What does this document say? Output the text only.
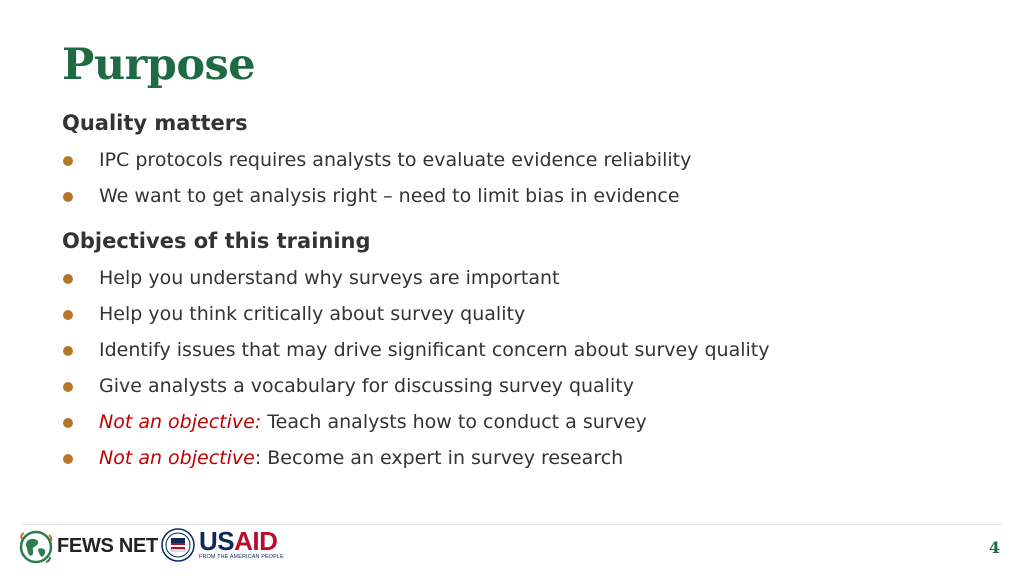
Purpose
Quality matters
IPC protocols requires analysts to evaluate evidence reliability
We want to get analysis right – need to limit bias in evidence
Objectives of this training
Help you understand why surveys are important
Help you think critically about survey quality
Identify issues that may drive significant concern about survey quality
Give analysts a vocabulary for discussing survey quality
Not an objective: Teach analysts how to conduct a survey
Not an objective: Become an expert in survey research
FEWS NET USAID
FROM THE AMERICAN PEOPLE	4
